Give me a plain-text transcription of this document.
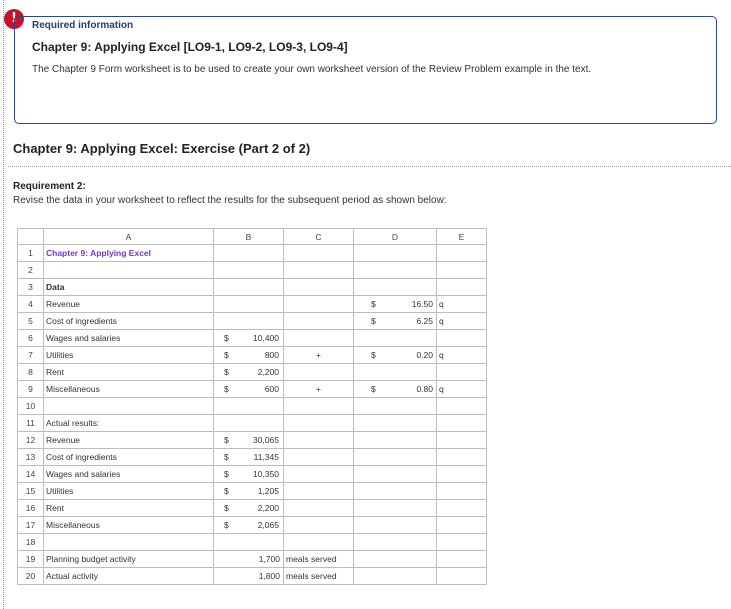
!	Required information
Chapter 9: Applying Excel [LO9-1, LO9-2, LO9-3, LO9-4]
The Chapter 9 Form worksheet is to be used to create your own worksheet version of the Review Problem example in the text.
Chapter 9: Applying Excel: Exercise (Part 2 of 2)
Requirement 2:
Revise the data in your worksheet to reflect the results for the subsequent period as shown below:
	A	B	C	D	E
1	Chapter 9: Applying Excel				
2					
3	Data				
4	Revenue			$ 16.50	q
5	Cost of ingredients			$ 6.25	q
6	Wages and salaries	$ 10,400			

7	Utilities	$ 800	+	$ 0.20	q
8	Rent	$ 2,200			

9	Miscellaneous	$ 600	+	$ 0.80	q
10					
11	Actual results:				
12	Revenue	$ 30,065			

13	Cost of ingredients	$ 11,345			

14	Wages and salaries	$ 10,350			

15	Utilities	$ 1,205			

16	Rent	$ 2,200			

17	Miscellaneous	$ 2,065			

18					
19	Planning budget activity	1,700	meals served		
20	Actual activity	1,800	meals served		
